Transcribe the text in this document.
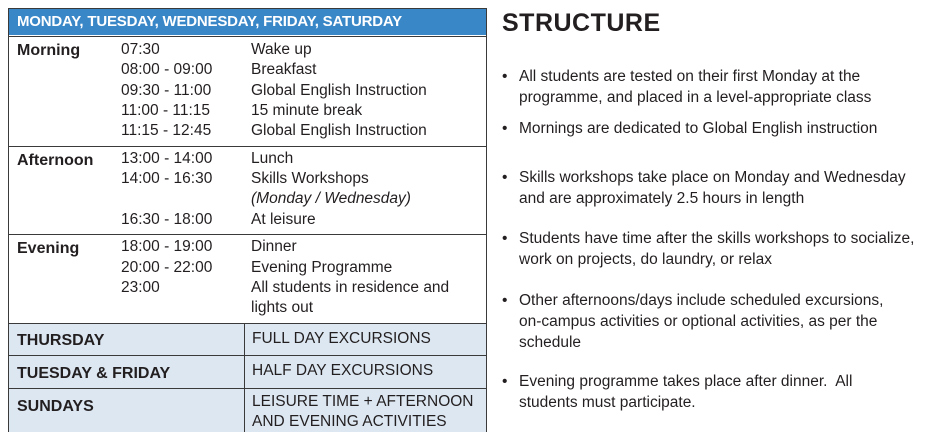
MONDAY, TUESDAY, WEDNESDAY, FRIDAY, SATURDAY
Morning	07:30	Wake up
08:00 - 09:00 Breakfast
09:30 - 11:00	Global English Instruction
11:00 - 11:15	15 minute break
11:15 - 12:45	Global English Instruction
Afternoon 13:00 - 14:00 Lunch
14:00 - 16:30 Skills Workshops
(Monday / Wednesday)
16:30 - 18:00 At leisure
Evening	18:00 - 19:00 Dinner
20:00 - 22:00 Evening Programme
23:00	All students in residence and
lights out
THURSDAY	FULL DAY EXCURSIONS
TUESDAY & FRIDAY	HALF DAY EXCURSIONS
SUNDAYS	LEISURE TIME + AFTERNOON
AND EVENING ACTIVITIES
STRUCTURE
• All students are tested on their first Monday at the
programme, and placed in a level-appropriate class
• Mornings are dedicated to Global English instruction
• Skills workshops take place on Monday and Wednesday
and are approximately 2.5 hours in length
• Students have time after the skills workshops to socialize,
work on projects, do laundry, or relax
• Other afternoons/days include scheduled excursions,
on-campus activities or optional activities, as per the
schedule
• Evening programme takes place after dinner.  All
students must participate.
